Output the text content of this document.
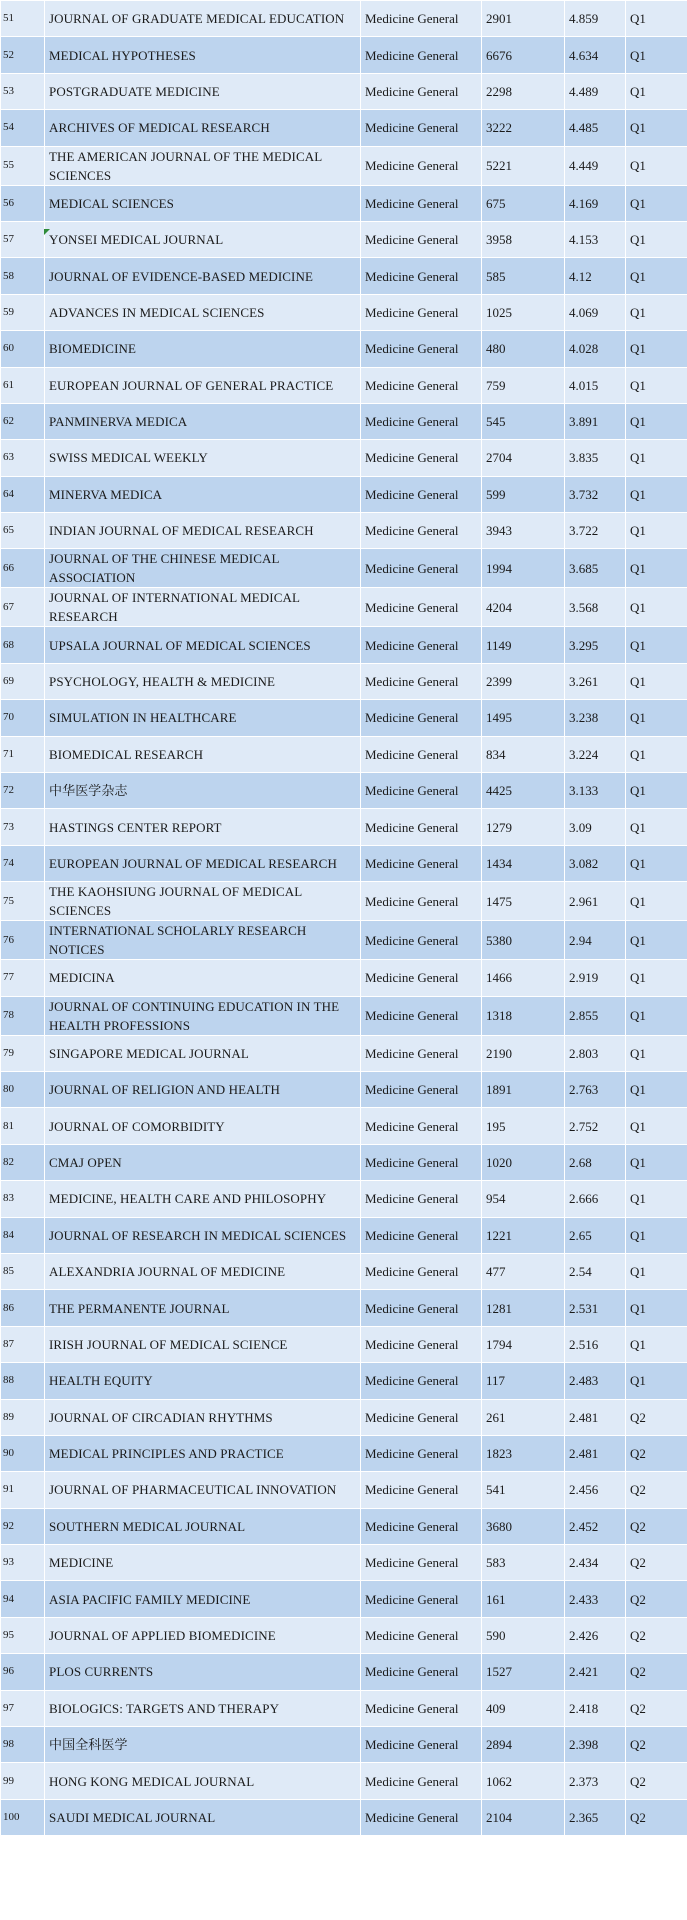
51	JOURNAL OF GRADUATE MEDICAL EDUCATION	Medicine General	2901	4.859	Q1
52	MEDICAL HYPOTHESES	Medicine General	6676	4.634	Q1
53	POSTGRADUATE MEDICINE	Medicine General	2298	4.489	Q1
54	ARCHIVES OF MEDICAL RESEARCH	Medicine General	3222	4.485	Q1
55	THE AMERICAN JOURNAL OF THE MEDICAL SCIENCES	Medicine General	5221	4.449	Q1
56	MEDICAL SCIENCES	Medicine General	675	4.169	Q1
57	YONSEI MEDICAL JOURNAL	Medicine General	3958	4.153	Q1
58	JOURNAL OF EVIDENCE-BASED MEDICINE	Medicine General	585	4.12	Q1
59	ADVANCES IN MEDICAL SCIENCES	Medicine General	1025	4.069	Q1
60	BIOMEDICINE	Medicine General	480	4.028	Q1
61	EUROPEAN JOURNAL OF GENERAL PRACTICE	Medicine General	759	4.015	Q1
62	PANMINERVA MEDICA	Medicine General	545	3.891	Q1
63	SWISS MEDICAL WEEKLY	Medicine General	2704	3.835	Q1
64	MINERVA MEDICA	Medicine General	599	3.732	Q1
65	INDIAN JOURNAL OF MEDICAL RESEARCH	Medicine General	3943	3.722	Q1
66	JOURNAL OF THE CHINESE MEDICAL ASSOCIATION	Medicine General	1994	3.685	Q1
67	JOURNAL OF INTERNATIONAL MEDICAL RESEARCH	Medicine General	4204	3.568	Q1
68	UPSALA JOURNAL OF MEDICAL SCIENCES	Medicine General	1149	3.295	Q1
69	PSYCHOLOGY, HEALTH & MEDICINE	Medicine General	2399	3.261	Q1
70	SIMULATION IN HEALTHCARE	Medicine General	1495	3.238	Q1
71	BIOMEDICAL RESEARCH	Medicine General	834	3.224	Q1
72	中华医学杂志	Medicine General	4425	3.133	Q1
73	HASTINGS CENTER REPORT	Medicine General	1279	3.09	Q1
74	EUROPEAN JOURNAL OF MEDICAL RESEARCH	Medicine General	1434	3.082	Q1
75	THE KAOHSIUNG JOURNAL OF MEDICAL SCIENCES	Medicine General	1475	2.961	Q1
76	INTERNATIONAL SCHOLARLY RESEARCH NOTICES	Medicine General	5380	2.94	Q1
77	MEDICINA	Medicine General	1466	2.919	Q1
78	JOURNAL OF CONTINUING EDUCATION IN THE HEALTH PROFESSIONS	Medicine General	1318	2.855	Q1
79	SINGAPORE MEDICAL JOURNAL	Medicine General	2190	2.803	Q1
80	JOURNAL OF RELIGION AND HEALTH	Medicine General	1891	2.763	Q1
81	JOURNAL OF COMORBIDITY	Medicine General	195	2.752	Q1
82	CMAJ OPEN	Medicine General	1020	2.68	Q1
83	MEDICINE, HEALTH CARE AND PHILOSOPHY	Medicine General	954	2.666	Q1
84	JOURNAL OF RESEARCH IN MEDICAL SCIENCES	Medicine General	1221	2.65	Q1
85	ALEXANDRIA JOURNAL OF MEDICINE	Medicine General	477	2.54	Q1
86	THE PERMANENTE JOURNAL	Medicine General	1281	2.531	Q1
87	IRISH JOURNAL OF MEDICAL SCIENCE	Medicine General	1794	2.516	Q1
88	HEALTH EQUITY	Medicine General	117	2.483	Q1
89	JOURNAL OF CIRCADIAN RHYTHMS	Medicine General	261	2.481	Q2
90	MEDICAL PRINCIPLES AND PRACTICE	Medicine General	1823	2.481	Q2
91	JOURNAL OF PHARMACEUTICAL INNOVATION	Medicine General	541	2.456	Q2
92	SOUTHERN MEDICAL JOURNAL	Medicine General	3680	2.452	Q2
93	MEDICINE	Medicine General	583	2.434	Q2
94	ASIA PACIFIC FAMILY MEDICINE	Medicine General	161	2.433	Q2
95	JOURNAL OF APPLIED BIOMEDICINE	Medicine General	590	2.426	Q2
96	PLOS CURRENTS	Medicine General	1527	2.421	Q2
97	BIOLOGICS: TARGETS AND THERAPY	Medicine General	409	2.418	Q2
98	中国全科医学	Medicine General	2894	2.398	Q2
99	HONG KONG MEDICAL JOURNAL	Medicine General	1062	2.373	Q2
100	SAUDI MEDICAL JOURNAL	Medicine General	2104	2.365	Q2
